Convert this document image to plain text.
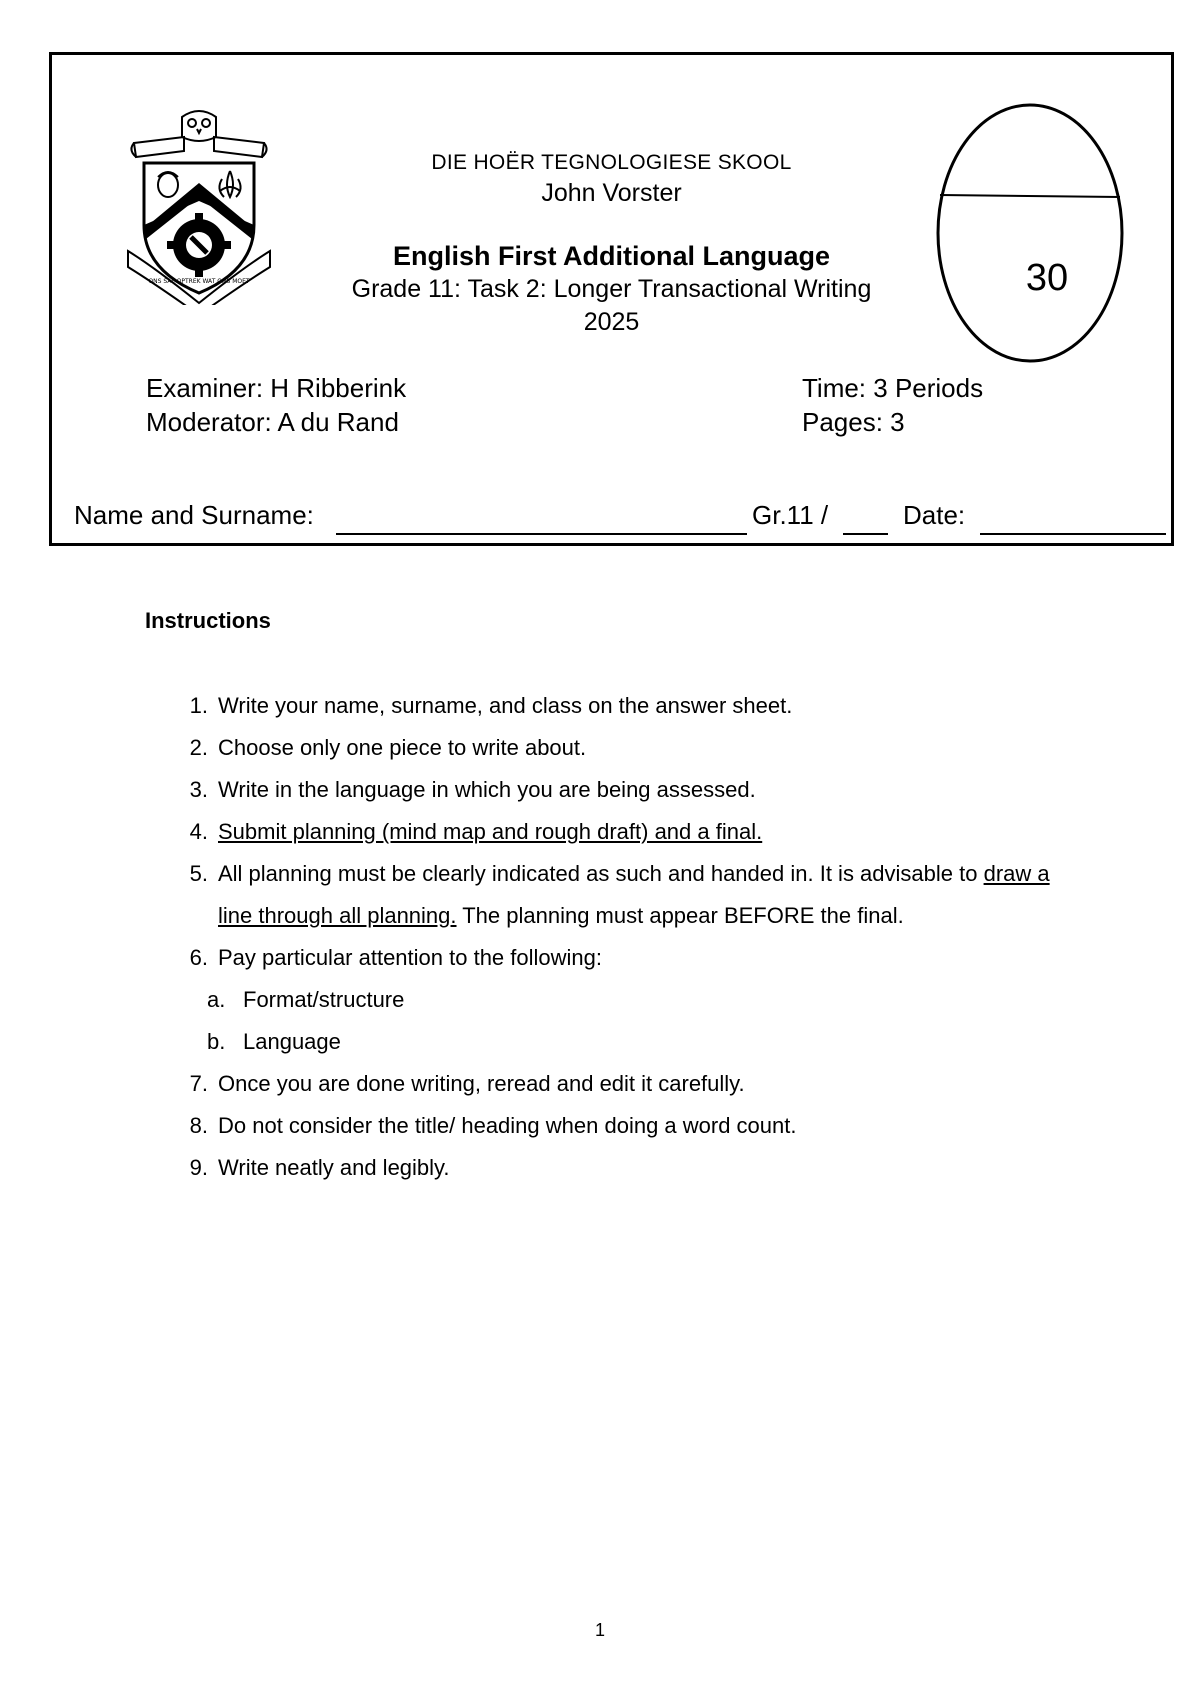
ONS SAL OPTREK WAT ONS MOET
DIE HOËR TEGNOLOGIESE SKOOL
John Vorster
English First Additional Language
Grade 11: Task 2: Longer Transactional Writing
2025
30
Examiner: H Ribberink
Moderator: A du Rand
Time: 3 Periods
Pages: 3
Name and Surname:	Gr.11 /	Date:
Instructions
1. Write your name, surname, and class on the answer sheet.
2. Choose only one piece to write about.
3. Write in the language in which you are being assessed.
4. Submit planning (mind map and rough draft) and a final.
5. All planning must be clearly indicated as such and handed in. It is advisable to draw a line through all planning. The planning must appear BEFORE the final.
6. Pay particular attention to the following:
a. Format/structure
b. Language
7. Once you are done writing, reread and edit it carefully.
8. Do not consider the title/ heading when doing a word count.
9. Write neatly and legibly.
1
